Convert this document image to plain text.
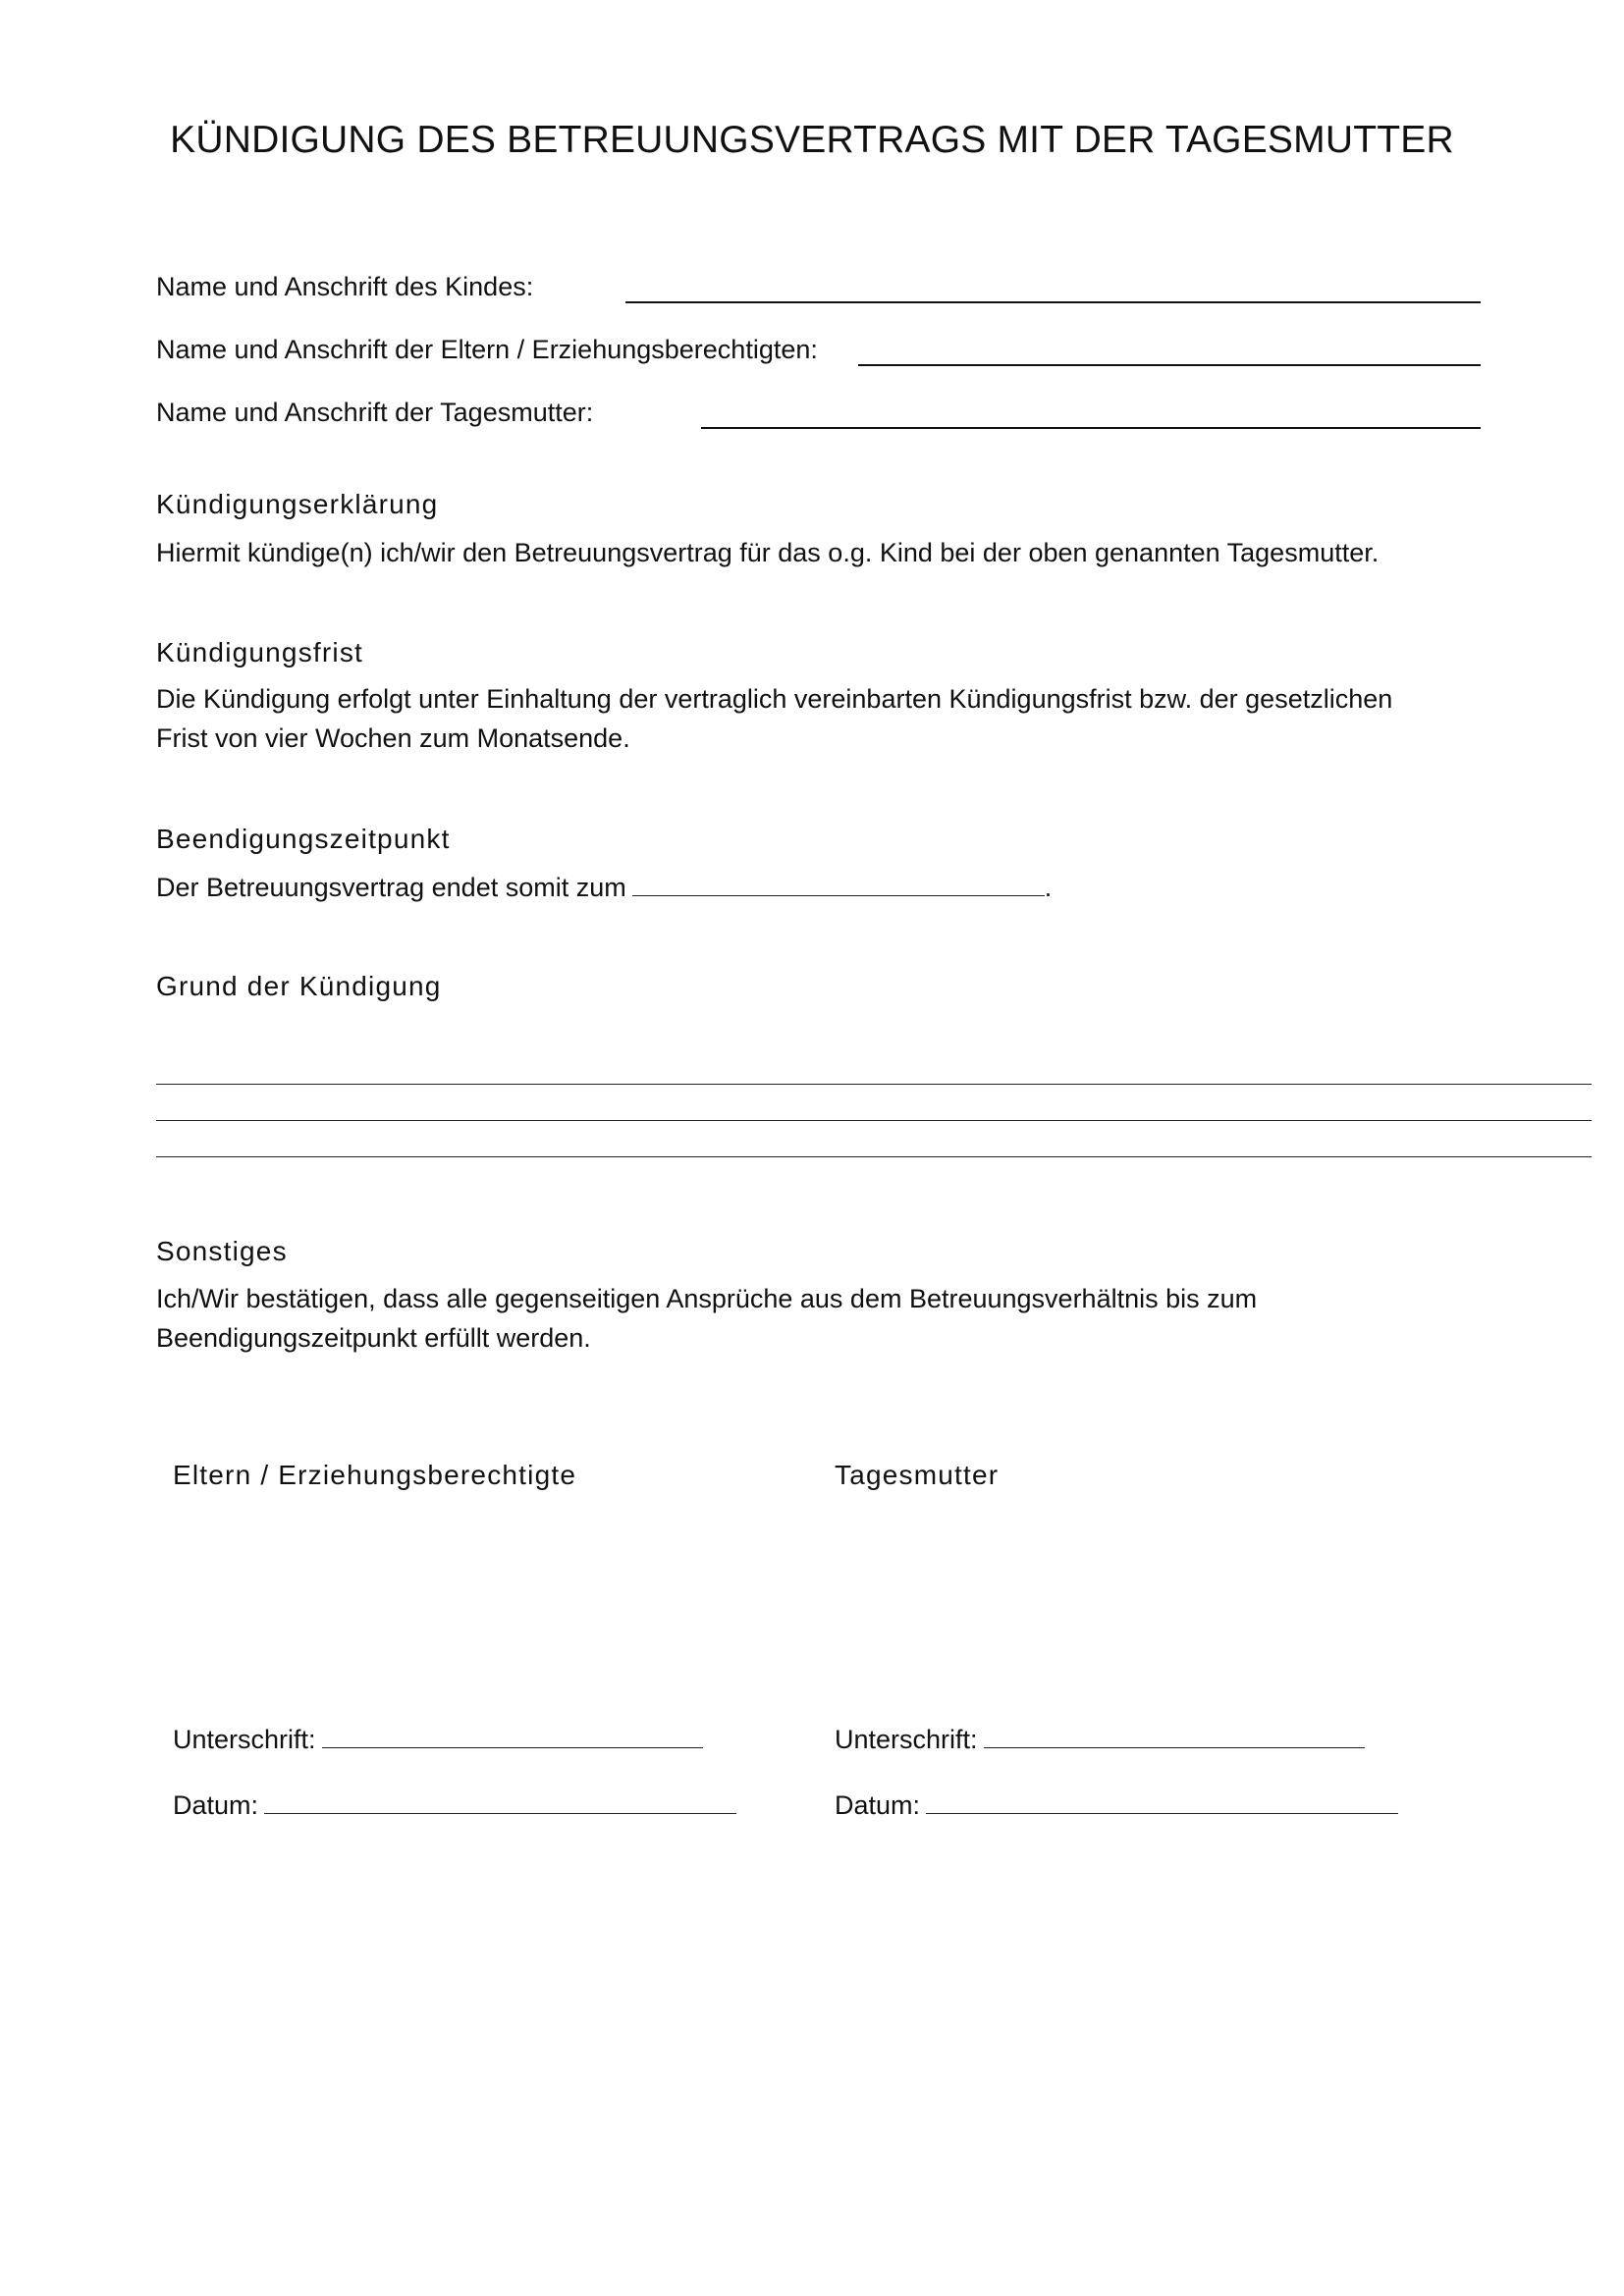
KÜNDIGUNG DES BETREUUNGSVERTRAGS MIT DER TAGESMUTTER
Name und Anschrift des Kindes:
Name und Anschrift der Eltern / Erziehungsberechtigten:
Name und Anschrift der Tagesmutter:
Kündigungserklärung
Hiermit kündige(n) ich/wir den Betreuungsvertrag für das o.g. Kind bei der oben genannten Tagesmutter.
Kündigungsfrist
Die Kündigung erfolgt unter Einhaltung der vertraglich vereinbarten Kündigungsfrist bzw. der gesetzlichen
Frist von vier Wochen zum Monatsende.
Beendigungszeitpunkt
Der Betreuungsvertrag endet somit zum	.
Grund der Kündigung
Sonstiges
Ich/Wir bestätigen, dass alle gegenseitigen Ansprüche aus dem Betreuungsverhältnis bis zum
Beendigungszeitpunkt erfüllt werden.
Eltern / Erziehungsberechtigte
Unterschrift:
Datum:
Tagesmutter
Unterschrift:
Datum:
